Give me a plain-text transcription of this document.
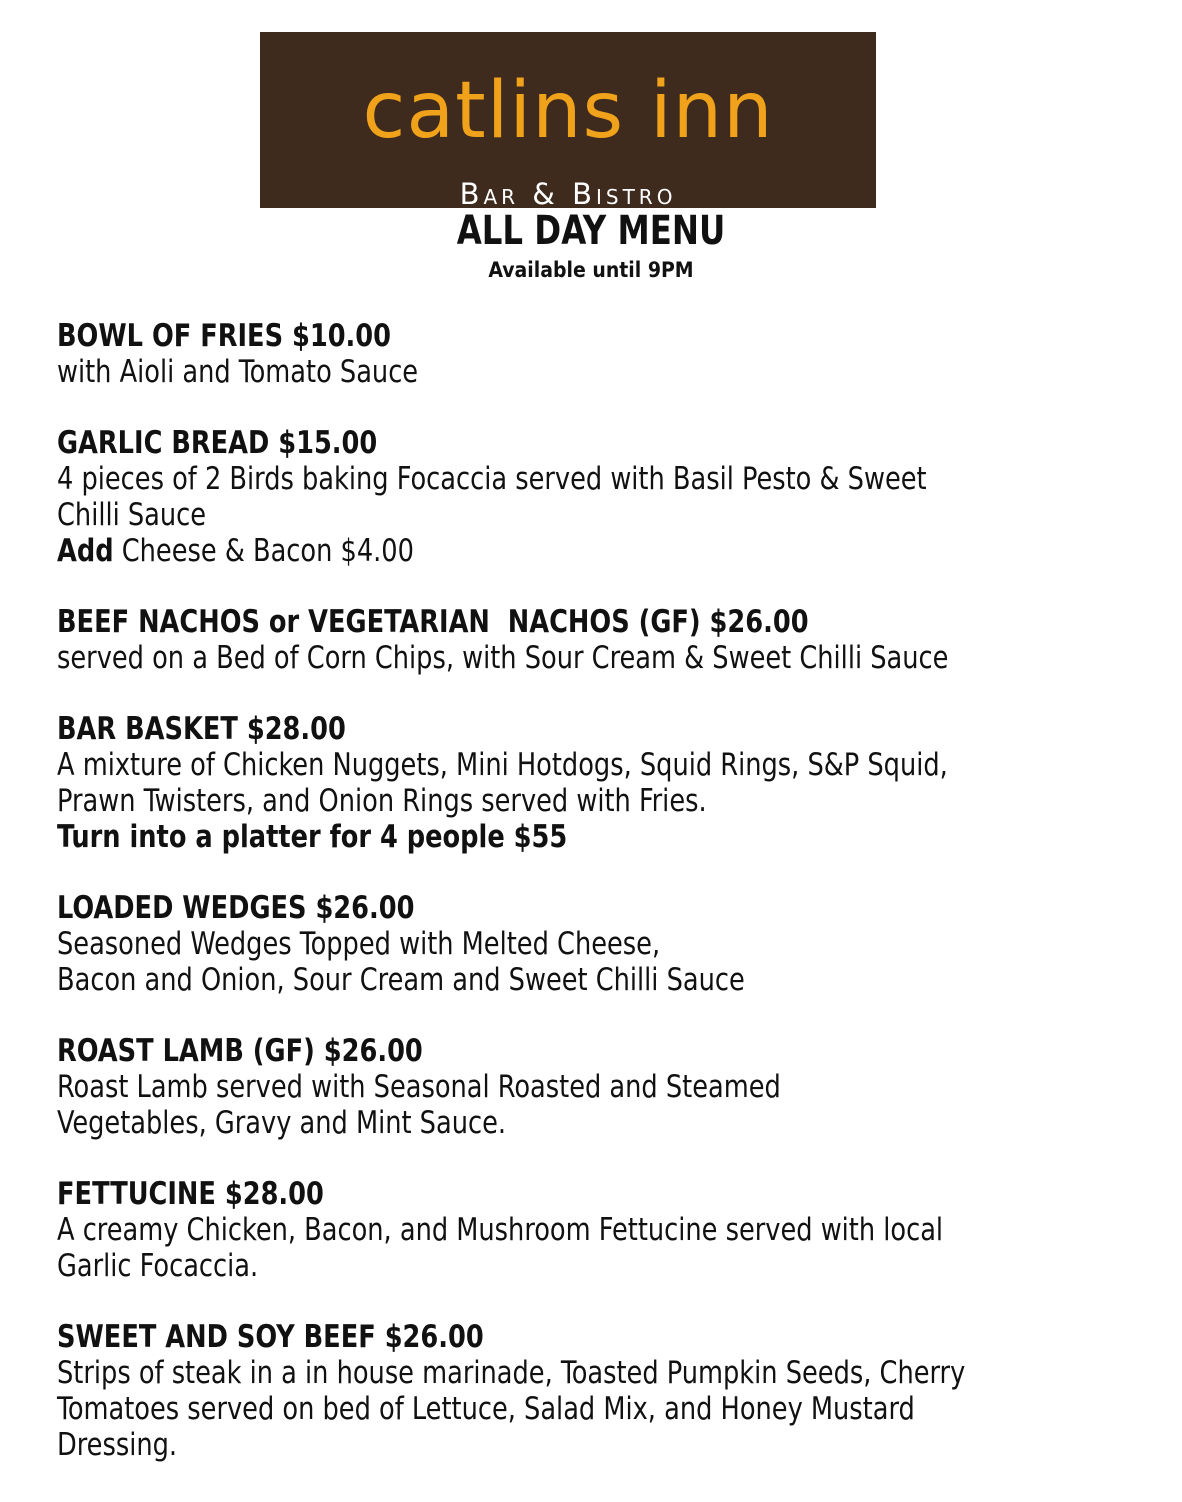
catlins inn
Bar & Bistro
ALL DAY MENU
Available until 9PM
BOWL OF FRIES $10.00
with Aioli and Tomato Sauce
GARLIC BREAD $15.00
4 pieces of 2 Birds baking Focaccia served with Basil Pesto & Sweet
Chilli Sauce
Add Cheese & Bacon $4.00
BEEF NACHOS or VEGETARIAN  NACHOS (GF) $26.00
served on a Bed of Corn Chips, with Sour Cream & Sweet Chilli Sauce
BAR BASKET $28.00
A mixture of Chicken Nuggets, Mini Hotdogs, Squid Rings, S&P Squid,
Prawn Twisters, and Onion Rings served with Fries.
Turn into a platter for 4 people $55
LOADED WEDGES $26.00
Seasoned Wedges Topped with Melted Cheese,
Bacon and Onion, Sour Cream and Sweet Chilli Sauce
ROAST LAMB (GF) $26.00
Roast Lamb served with Seasonal Roasted and Steamed
Vegetables, Gravy and Mint Sauce.
FETTUCINE $28.00
A creamy Chicken, Bacon, and Mushroom Fettucine served with local
Garlic Focaccia.
SWEET AND SOY BEEF $26.00
Strips of steak in a in house marinade, Toasted Pumpkin Seeds, Cherry
Tomatoes served on bed of Lettuce, Salad Mix, and Honey Mustard
Dressing.
